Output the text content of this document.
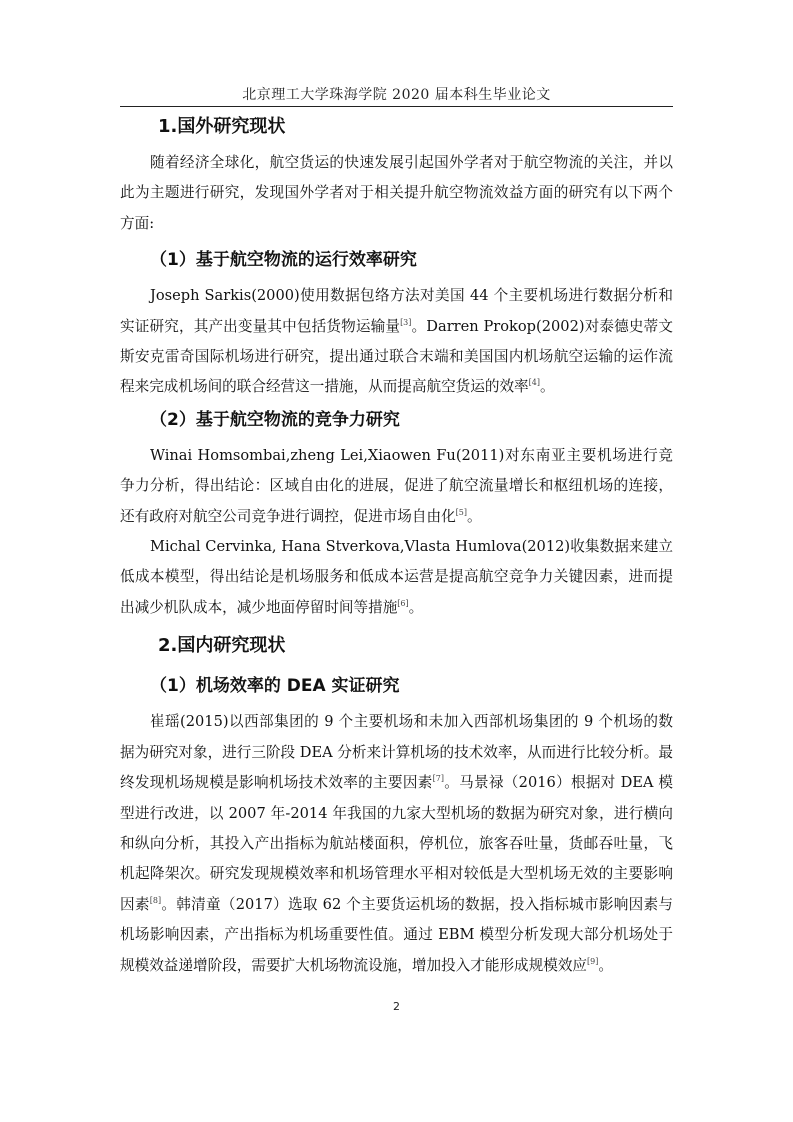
北京理工大学珠海学院 2020 届本科生毕业论文
1.国外研究现状

随着经济全球化，航空货运的快速发展引起国外学者对于航空物流的关注，并以此为主题进行研究，发现国外学者对于相关提升航空物流效益方面的研究有以下两个方面:

（1）基于航空物流的运行效率研究

Joseph Sarkis(2000)使用数据包络方法对美国 44 个主要机场进行数据分析和实证研究，其产出变量其中包括货物运输量[3]。Darren Prokop(2002)对泰德史蒂文斯安克雷奇国际机场进行研究，提出通过联合末端和美国国内机场航空运输的运作流程来完成机场间的联合经营这一措施，从而提高航空货运的效率[4]。

（2）基于航空物流的竞争力研究

Winai Homsombai,zheng Lei,Xiaowen Fu(2011)对东南亚主要机场进行竞争力分析，得出结论：区域自由化的进展，促进了航空流量增长和枢纽机场的连接，还有政府对航空公司竞争进行调控，促进市场自由化[5]。

Michal Cervinka, Hana Stverkova,Vlasta Humlova(2012)收集数据来建立低成本模型，得出结论是机场服务和低成本运营是提高航空竞争力关键因素，进而提出减少机队成本，减少地面停留时间等措施[6]。

2.国内研究现状
（1）机场效率的 DEA 实证研究

崔瑶(2015)以西部集团的 9 个主要机场和未加入西部机场集团的 9 个机场的数据为研究对象，进行三阶段 DEA 分析来计算机场的技术效率，从而进行比较分析。最终发现机场规模是影响机场技术效率的主要因素[7]。马景禄（2016）根据对 DEA 模型进行改进，以 2007 年-2014 年我国的九家大型机场的数据为研究对象，进行横向和纵向分析，其投入产出指标为航站楼面积，停机位，旅客吞吐量，货邮吞吐量，飞机起降架次。研究发现规模效率和机场管理水平相对较低是大型机场无效的主要影响因素[8]。韩清童（2017）选取 62 个主要货运机场的数据，投入指标城市影响因素与机场影响因素，产出指标为机场重要性值。通过 EBM 模型分析发现大部分机场处于规模效益递增阶段，需要扩大机场物流设施，增加投入才能形成规模效应[9]。

2
